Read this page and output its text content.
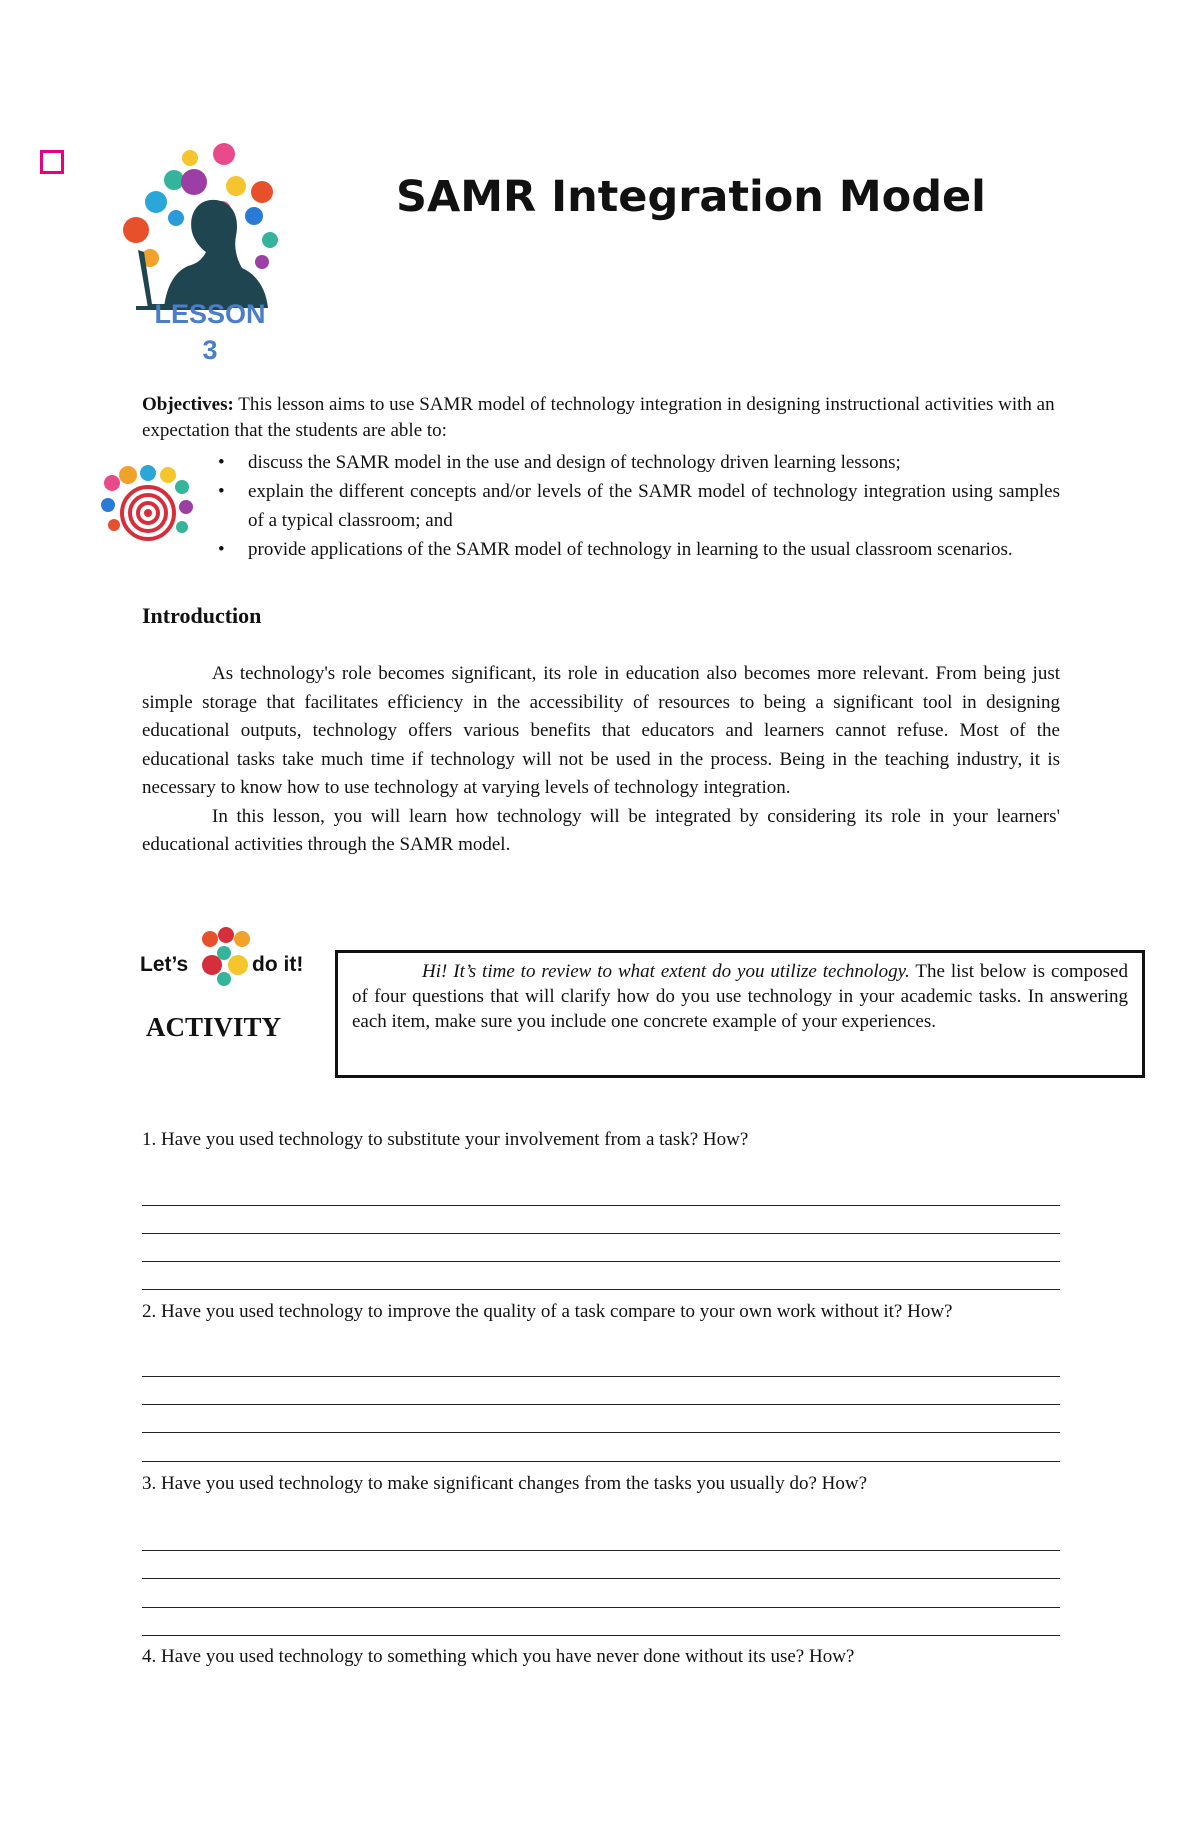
LESSON
3
SAMR Integration Model
Objectives: This lesson aims to use SAMR model of technology integration in designing instructional activities with an expectation that the students are able to:
• discuss the SAMR model in the use and design of technology driven learning lessons;
• explain the different concepts and/or levels of the SAMR model of technology integration using samples of a typical classroom; and
• provide applications of the SAMR model of technology in learning to the usual classroom scenarios.
Introduction

As technology's role becomes significant, its role in education also becomes more relevant. From being just simple storage that facilitates efficiency in the accessibility of resources to being a significant tool in designing educational outputs, technology offers various benefits that educators and learners cannot refuse. Most of the educational tasks take much time if technology will not be used in the process. Being in the teaching industry, it is necessary to know how to use technology at varying levels of technology integration.

In this lesson, you will learn how technology will be integrated by considering its role in your learners' educational activities through the SAMR model.

Let’s	do it!
ACTIVITY
Hi! It’s time to review to what extent do you utilize technology. The list below is composed of four questions that will clarify how do you use technology in your academic tasks. In answering each item, make sure you include one concrete example of your experiences.
1. Have you used technology to substitute your involvement from a task? How?
2. Have you used technology to improve the quality of a task compare to your own work without it? How?
3. Have you used technology to make significant changes from the tasks you usually do? How?
4. Have you used technology to something which you have never done without its use? How?
